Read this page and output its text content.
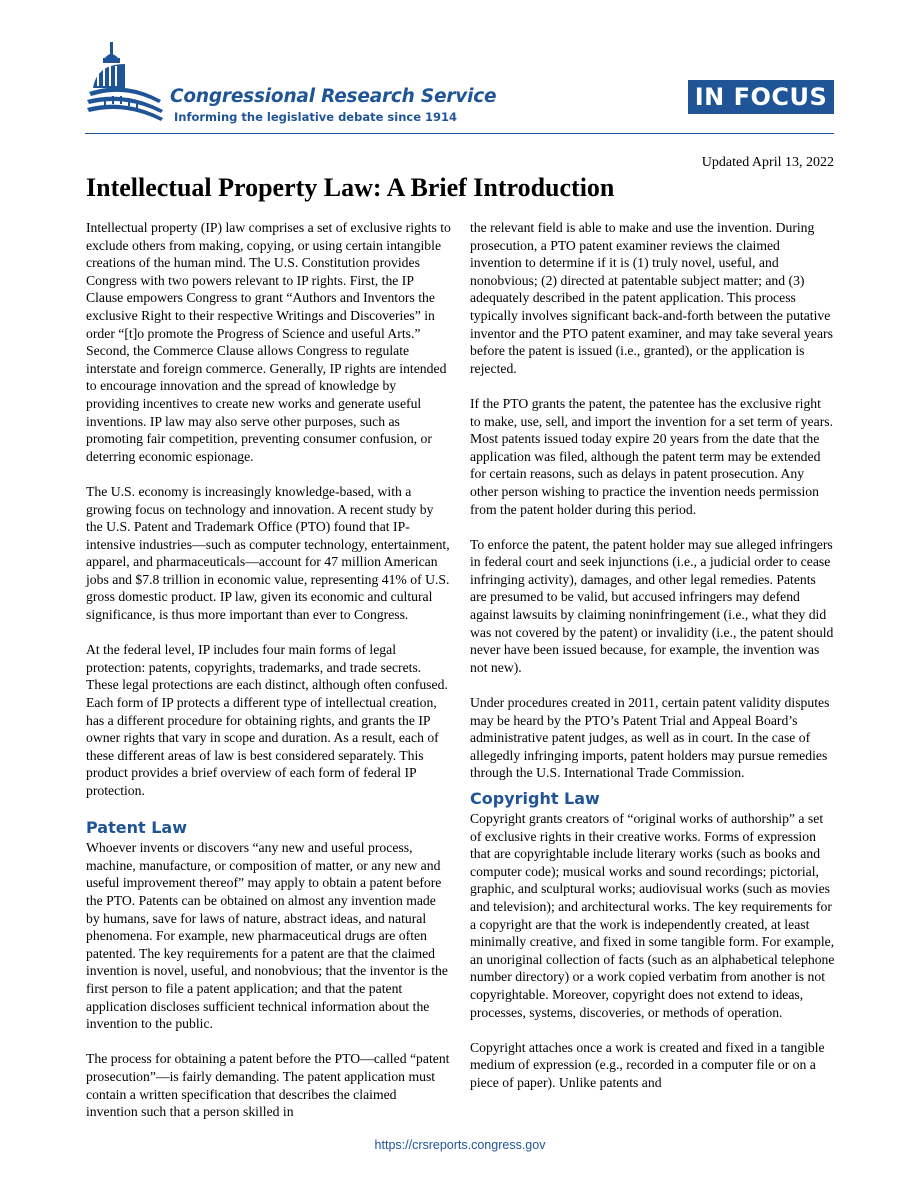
Congressional Research Service
Informing the legislative debate since 1914
IN FOCUS
Updated April 13, 2022
Intellectual Property Law: A Brief Introduction

Intellectual property (IP) law comprises a set of exclusive rights to exclude others from making, copying, or using certain intangible creations of the human mind. The U.S. Constitution provides Congress with two powers relevant to IP rights. First, the IP Clause empowers Congress to grant “Authors and Inventors the exclusive Right to their respective Writings and Discoveries” in order “[t]o promote the Progress of Science and useful Arts.” Second, the Commerce Clause allows Congress to regulate interstate and foreign commerce. Generally, IP rights are intended to encourage innovation and the spread of knowledge by providing incentives to create new works and generate useful inventions. IP law may also serve other purposes, such as promoting fair competition, preventing consumer confusion, or deterring economic espionage.

The U.S. economy is increasingly knowledge-based, with a growing focus on technology and innovation. A recent study by the U.S. Patent and Trademark Office (PTO) found that IP-intensive industries—such as computer technology, entertainment, apparel, and pharmaceuticals—account for 47 million American jobs and $7.8 trillion in economic value, representing 41% of U.S. gross domestic product. IP law, given its economic and cultural significance, is thus more important than ever to Congress.

At the federal level, IP includes four main forms of legal protection: patents, copyrights, trademarks, and trade secrets. These legal protections are each distinct, although often confused. Each form of IP protects a different type of intellectual creation, has a different procedure for obtaining rights, and grants the IP owner rights that vary in scope and duration. As a result, each of these different areas of law is best considered separately. This product provides a brief overview of each form of federal IP protection.

Patent Law

Whoever invents or discovers “any new and useful process, machine, manufacture, or composition of matter, or any new and useful improvement thereof” may apply to obtain a patent before the PTO. Patents can be obtained on almost any invention made by humans, save for laws of nature, abstract ideas, and natural phenomena. For example, new pharmaceutical drugs are often patented. The key requirements for a patent are that the claimed invention is novel, useful, and nonobvious; that the inventor is the first person to file a patent application; and that the patent application discloses sufficient technical information about the invention to the public.

The process for obtaining a patent before the PTO—called “patent prosecution”—is fairly demanding. The patent application must contain a written specification that describes the claimed invention such that a person skilled in

the relevant field is able to make and use the invention. During prosecution, a PTO patent examiner reviews the claimed invention to determine if it is (1) truly novel, useful, and nonobvious; (2) directed at patentable subject matter; and (3) adequately described in the patent application. This process typically involves significant back-and-forth between the putative inventor and the PTO patent examiner, and may take several years before the patent is issued (i.e., granted), or the application is rejected.

If the PTO grants the patent, the patentee has the exclusive right to make, use, sell, and import the invention for a set term of years. Most patents issued today expire 20 years from the date that the application was filed, although the patent term may be extended for certain reasons, such as delays in patent prosecution. Any other person wishing to practice the invention needs permission from the patent holder during this period.

To enforce the patent, the patent holder may sue alleged infringers in federal court and seek injunctions (i.e., a judicial order to cease infringing activity), damages, and other legal remedies. Patents are presumed to be valid, but accused infringers may defend against lawsuits by claiming noninfringement (i.e., what they did was not covered by the patent) or invalidity (i.e., the patent should never have been issued because, for example, the invention was not new).

Under procedures created in 2011, certain patent validity disputes may be heard by the PTO’s Patent Trial and Appeal Board’s administrative patent judges, as well as in court. In the case of allegedly infringing imports, patent holders may pursue remedies through the U.S. International Trade Commission.

Copyright Law

Copyright grants creators of “original works of authorship” a set of exclusive rights in their creative works. Forms of expression that are copyrightable include literary works (such as books and computer code); musical works and sound recordings; pictorial, graphic, and sculptural works; audiovisual works (such as movies and television); and architectural works. The key requirements for a copyright are that the work is independently created, at least minimally creative, and fixed in some tangible form. For example, an unoriginal collection of facts (such as an alphabetical telephone number directory) or a work copied verbatim from another is not copyrightable. Moreover, copyright does not extend to ideas, processes, systems, discoveries, or methods of operation.

Copyright attaches once a work is created and fixed in a tangible medium of expression (e.g., recorded in a computer file or on a piece of paper). Unlike patents and

https://crsreports.congress.gov
